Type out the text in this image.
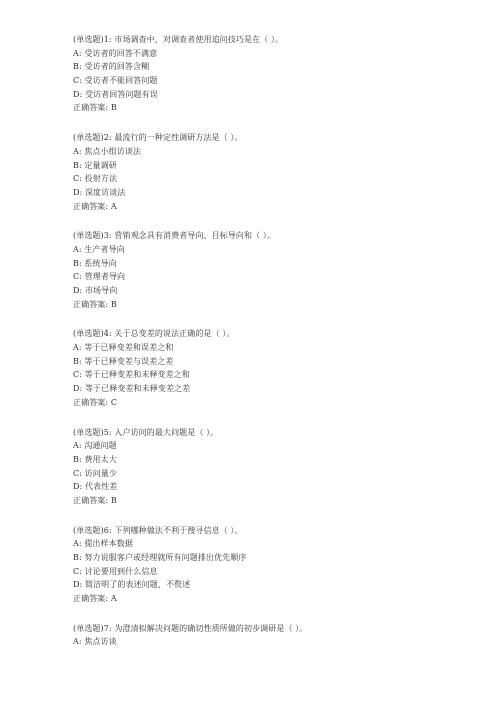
(单选题)1: 市场调查中，对调查者使用追问技巧是在（ ）。
A: 受访者的回答不满意
B: 受访者的回答含糊
C: 受访者不能回答问题
D: 受访者回答问题有误
正确答案: B
(单选题)2: 最流行的一种定性调研方法是（ ）。
A: 焦点小组访谈法
B: 定量调研
C: 投射方法
D: 深度访谈法
正确答案: A
(单选题)3: 营销观念具有消费者导向、目标导向和（ ）。
A: 生产者导向
B: 系统导向
C: 管理者导向
D: 市场导向
正确答案: B
(单选题)4: 关于总变差的说法正确的是（ ）。
A: 等于已释变差和误差之和
B: 等于已释变差与误差之差
C: 等于已释变差和未释变差之和
D: 等于已释变差和未释变差之差
正确答案: C
(单选题)5: 入户访问的最大问题是（ ）。
A: 沟通问题
B: 费用太大
C: 访问量少
D: 代表性差
正确答案: B
(单选题)6: 下列哪种做法不利于搜寻信息（ ）。
A: 提出样本数据
B: 努力说服客户或经理就所有问题排出优先顺序
C: 讨论要用到什么信息
D: 简洁明了的表述问题，不赘述
正确答案: A
(单选题)7: 为澄清拟解决问题的确切性质所做的初步调研是（ ）。
A: 焦点访谈
